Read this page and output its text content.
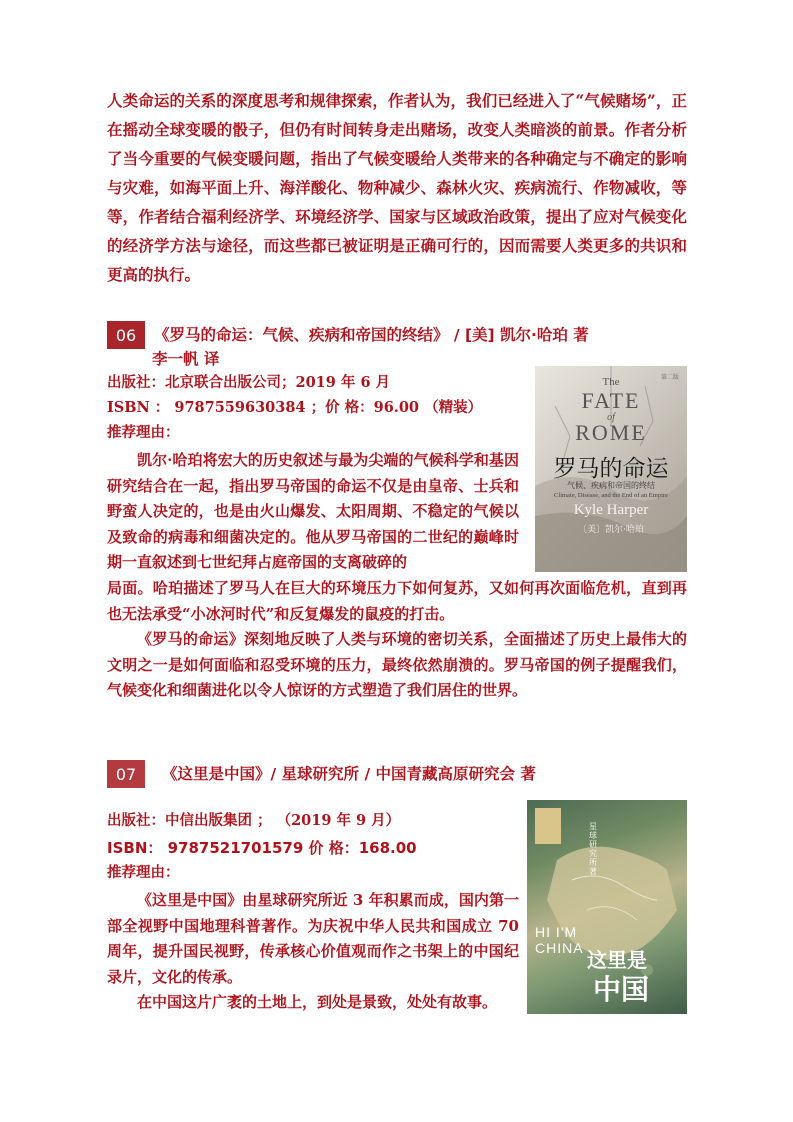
人类命运的关系的深度思考和规律探索，作者认为，我们已经进入了“气候赌场”，正在摇动全球变暖的骰子，但仍有时间转身走出赌场，改变人类暗淡的前景。作者分析了当今重要的气候变暖问题，指出了气候变暖给人类带来的各种确定与不确定的影响与灾难，如海平面上升、海洋酸化、物种减少、森林火灾、疾病流行、作物减收，等等，作者结合福利经济学、环境经济学、国家与区域政治政策，提出了应对气候变化的经济学方法与途径，而这些都已被证明是正确可行的，因而需要人类更多的共识和更高的执行。
06	《罗马的命运：气候、疾病和帝国的终结》 / [美] 凯尔·哈珀 著
李一帆 译
出版社：北京联合出版公司；2019 年 6 月
ISBN ： 9787559630384 ；价 格：96.00 （精装）
推荐理由：
凯尔·哈珀将宏大的历史叙述与最为尖端的气候科学和基因研究结合在一起，指出罗马帝国的命运不仅是由皇帝、士兵和野蛮人决定的，也是由火山爆发、太阳周期、不稳定的气候以及致命的病毒和细菌决定的。他从罗马帝国的二世纪的巅峰时期一直叙述到七世纪拜占庭帝国的支离破碎的
局面。哈珀描述了罗马人在巨大的环境压力下如何复苏，又如何再次面临危机，直到再也无法承受“小冰河时代”和反复爆发的鼠疫的打击。
《罗马的命运》深刻地反映了人类与环境的密切关系，全面描述了历史上最伟大的文明之一是如何面临和忍受环境的压力，最终依然崩溃的。罗马帝国的例子提醒我们，气候变化和细菌进化以令人惊讶的方式塑造了我们居住的世界。
The
FATE
of
ROME
罗马的命运
气候、疾病和帝国的终结
Climate, Disease, and the End of an Empire
Kyle Harper
〔美〕凯尔·哈珀
第二版
07	《这里是中国》/ 星球研究所 / 中国青藏高原研究会 著
出版社：中信出版集团 ； （2019 年 9 月）
ISBN： 9787521701579 价 格：168.00
推荐理由：
《这里是中国》由星球研究所近 3 年积累而成，国内第一部全视野中国地理科普著作。为庆祝中华人民共和国成立 70 周年，提升国民视野，传承核心价值观而作之书架上的中国纪录片，文化的传承。
在中国这片广袤的土地上，到处是景致，处处有故事。
HI I'M
CHINA 这里是
中国
星球研究所 著
